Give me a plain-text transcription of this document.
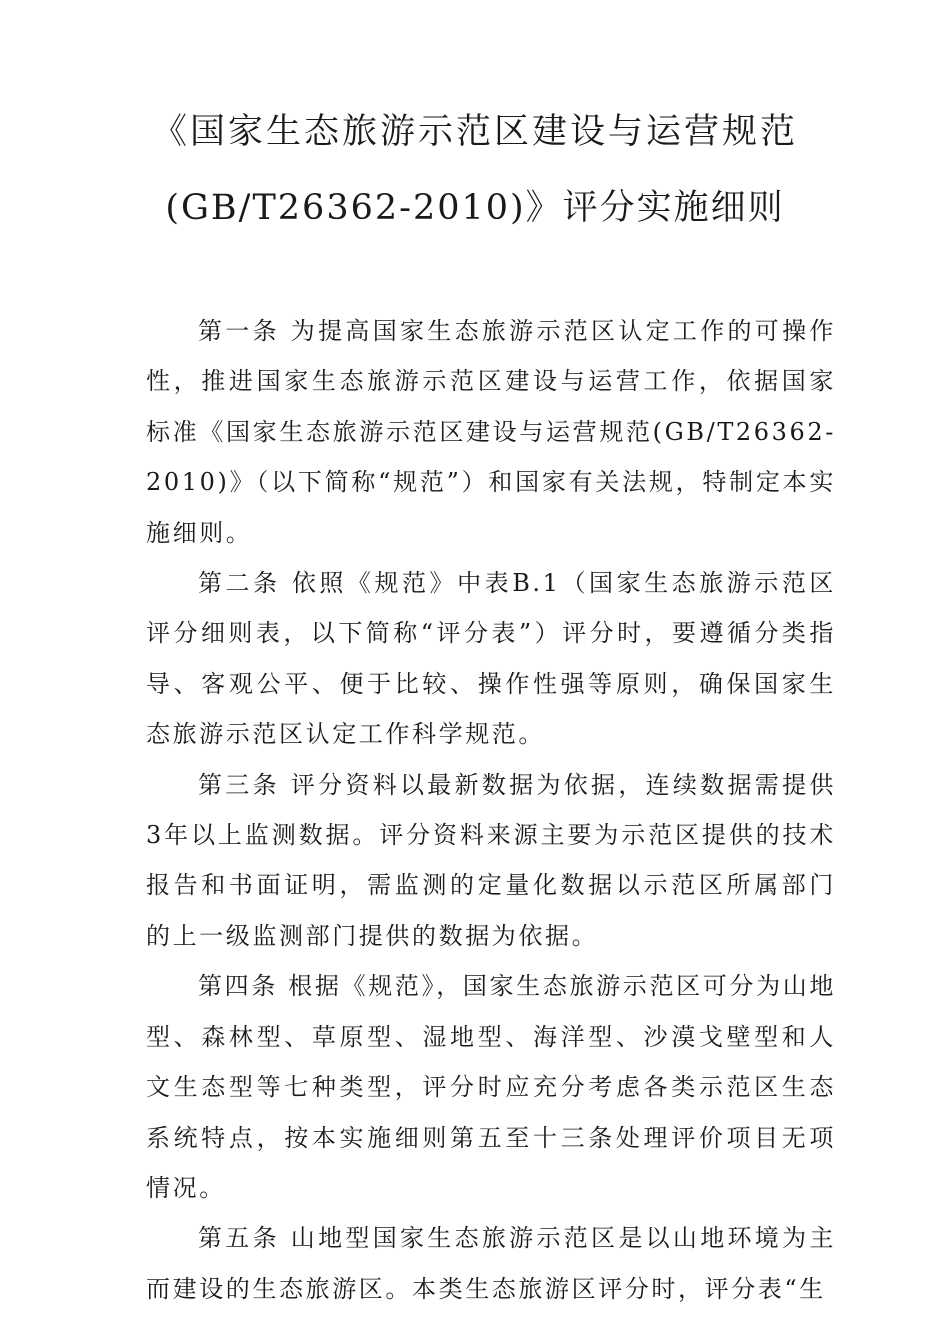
《国家生态旅游示范区建设与运营规范
(GB/T26362-2010)》评分实施细则

第一条 为提高国家生态旅游示范区认定工作的可操作性，推进国家生态旅游示范区建设与运营工作，依据国家标准《国家生态旅游示范区建设与运营规范(GB/T26362-2010)》（以下简称“规范”）和国家有关法规，特制定本实施细则。

第二条 依照《规范》中表B.1（国家生态旅游示范区评分细则表，以下简称“评分表”）评分时，要遵循分类指导、客观公平、便于比较、操作性强等原则，确保国家生态旅游示范区认定工作科学规范。

第三条 评分资料以最新数据为依据，连续数据需提供3年以上监测数据。评分资料来源主要为示范区提供的技术报告和书面证明，需监测的定量化数据以示范区所属部门的上一级监测部门提供的数据为依据。

第四条 根据《规范》，国家生态旅游示范区可分为山地型、森林型、草原型、湿地型、海洋型、沙漠戈壁型和人文生态型等七种类型，评分时应充分考虑各类示范区生态系统特点，按本实施细则第五至十三条处理评价项目无项情况。

第五条 山地型国家生态旅游示范区是以山地环境为主而建设的生态旅游区。本类生态旅游区评分时，评分表“生
